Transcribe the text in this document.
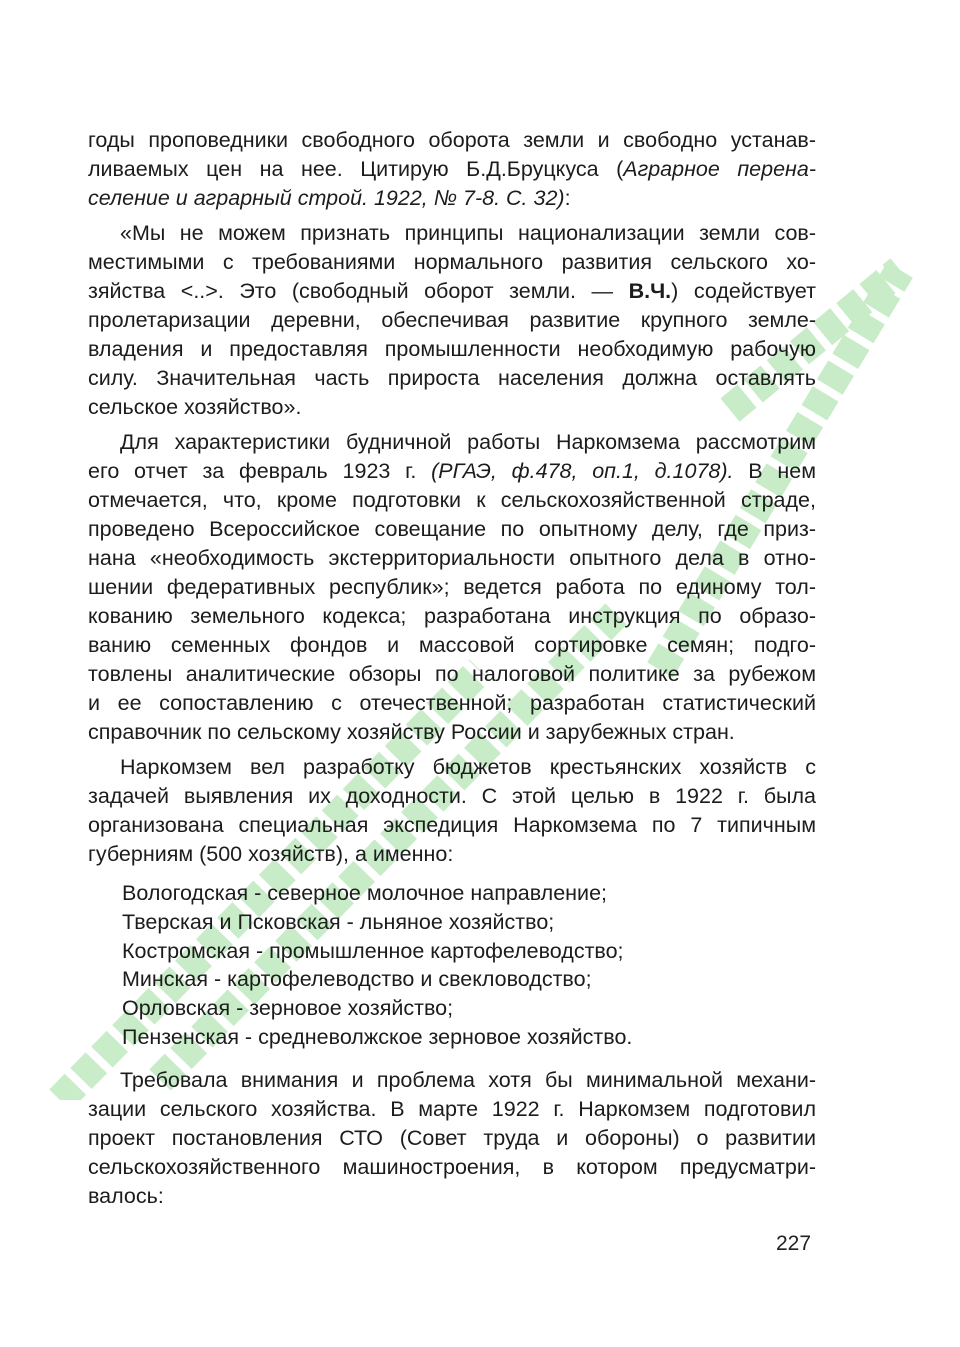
годы проповедники свободного оборота земли и свободно устанав-
ливаемых цен на нее. Цитирую Б.Д.Бруцкуса (Аграрное перена-
селение и аграрный строй. 1922, № 7-8. С. 32):

«Мы не можем признать принципы национализации земли сов-
местимыми с требованиями нормального развития сельского хо-
зяйства <..>. Это (свободный оборот земли. — В.Ч.) содействует
пролетаризации деревни, обеспечивая развитие крупного земле-
владения и предоставляя промышленности необходимую рабочую
силу. Значительная часть прироста населения должна оставлять
сельское хозяйство».

Для характеристики будничной работы Наркомзема рассмотрим
его отчет за февраль 1923 г. (РГАЭ, ф.478, оп.1, д.1078). В нем
отмечается, что, кроме подготовки к сельскохозяйственной страде,
проведено Всероссийское совещание по опытному делу, где приз-
нана «необходимость экстерриториальности опытного дела в отно-
шении федеративных республик»; ведется работа по единому тол-
кованию земельного кодекса; разработана инструкция по образо-
ванию семенных фондов и массовой сортировке семян; подго-
товлены аналитические обзоры по налоговой политике за рубежом
и ее сопоставлению с отечественной; разработан статистический
справочник по сельскому хозяйству России и зарубежных стран.

Наркомзем вел разработку бюджетов крестьянских хозяйств с
задачей выявления их доходности. С этой целью в 1922 г. была
организована специальная экспедиция Наркомзема по 7 типичным
губерниям (500 хозяйств), а именно:

Вологодская - северное молочное направление;
Тверская и Псковская - льняное хозяйство;
Костромская - промышленное картофелеводство;
Минская - картофелеводство и свекловодство;
Орловская - зерновое хозяйство;
Пензенская - средневолжское зерновое хозяйство.

Требовала внимания и проблема хотя бы минимальной механи-
зации сельского хозяйства. В марте 1922 г. Наркомзем подготовил
проект постановления СТО (Совет труда и обороны) о развитии
сельскохозяйственного машиностроения, в котором предусматри-
валось:

227
